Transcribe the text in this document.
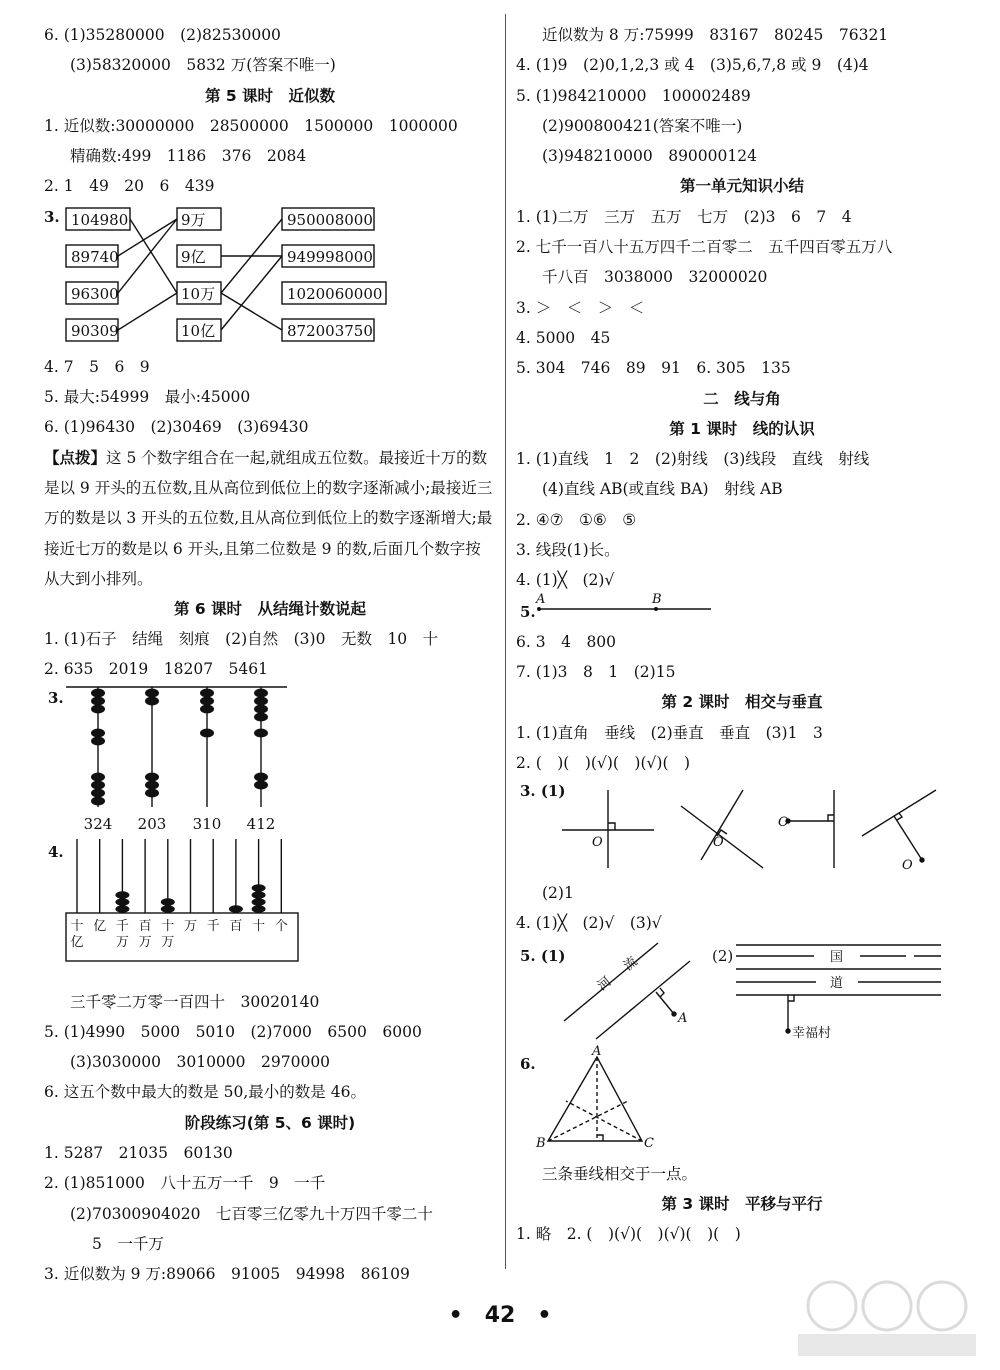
6. (1)35280000　(2)82530000
(3)58320000　5832 万(答案不唯一)
第 5 课时　近似数
1. 近似数:30000000　28500000　1500000　1000000
精确数:499　1186　376　2084
2. 1　49　20　6　439
3. 104980
89740
96300
90309
9万
9亿
10万
10亿
950008000
949998000
1020060000
872003750
4. 7　5　6　9
5. 最大:54999　最小:45000
6. (1)96430　(2)30469　(3)69430
【点拨】这 5 个数字组合在一起,就组成五位数。最接近十万的数是以 9 开头的五位数,且从高位到低位上的数字逐渐减小;最接近三万的数是以 3 开头的五位数,且从高位到低位上的数字逐渐增大;最接近七万的数是以 6 开头,且第二位数是 9 的数,后面几个数字按从大到小排列。
第 6 课时　从结绳计数说起
1. (1)石子　结绳　刻痕　(2)自然　(3)0　无数　10　十
2. 635　2019　18207　5461
3.
324 203 310 412
4.
十亿
亿 千万
百万
十万
万 千 百 十 个
三千零二万零一百四十　30020140
5. (1)4990　5000　5010　(2)7000　6500　6000
(3)3030000　3010000　2970000
6. 这五个数中最大的数是 50,最小的数是 46。
阶段练习(第 5、6 课时)
1. 5287　21035　60130
2. (1)851000　八十五万一千　9　一千
(2)70300904020　七百零三亿零九十万四千零二十
5　一千万
3. 近似数为 9 万:89066　91005　94998　86109
近似数为 8 万:75999　83167　80245　76321
4. (1)9　(2)0,1,2,3 或 4　(3)5,6,7,8 或 9　(4)4
5. (1)984210000　100002489
(2)900800421(答案不唯一)
(3)948210000　890000124
第一单元知识小结
1. (1)二万　三万　五万　七万　(2)3　6　7　4
2. 七千一百八十五万四千二百零二　五千四百零五万八
千八百　3038000　32000020
3. ＞　＜　＞　＜
4. 5000　45
5. 304　746　89　91　6. 305　135
二　线与角
第 1 课时　线的认识
1. (1)直线　1　2　(2)射线　(3)线段　直线　射线
(4)直线 AB(或直线 BA)　射线 AB
2. ④⑦　①⑥　⑤
3. 线段(1)长。
4. (1)╳　(2)√
5.
A	B
6. 3　4　800
7. (1)3　8　1　(2)15
第 2 课时　相交与垂直
1. (1)直角　垂线　(2)垂直　垂直　(3)1　3
2. (　)(　)(√)(　)(√)(　)
3. (1)
O	O
O
O
(2)1
4. (1)╳　(2)√　(3)√
5. (1)
河
流
A
(2)	国
道
幸福村
6.
A
B	C
三条垂线相交于一点。
第 3 课时　平移与平行
1. 略　2. (　)(√)(　)(√)(　)(　)
•　42　•
